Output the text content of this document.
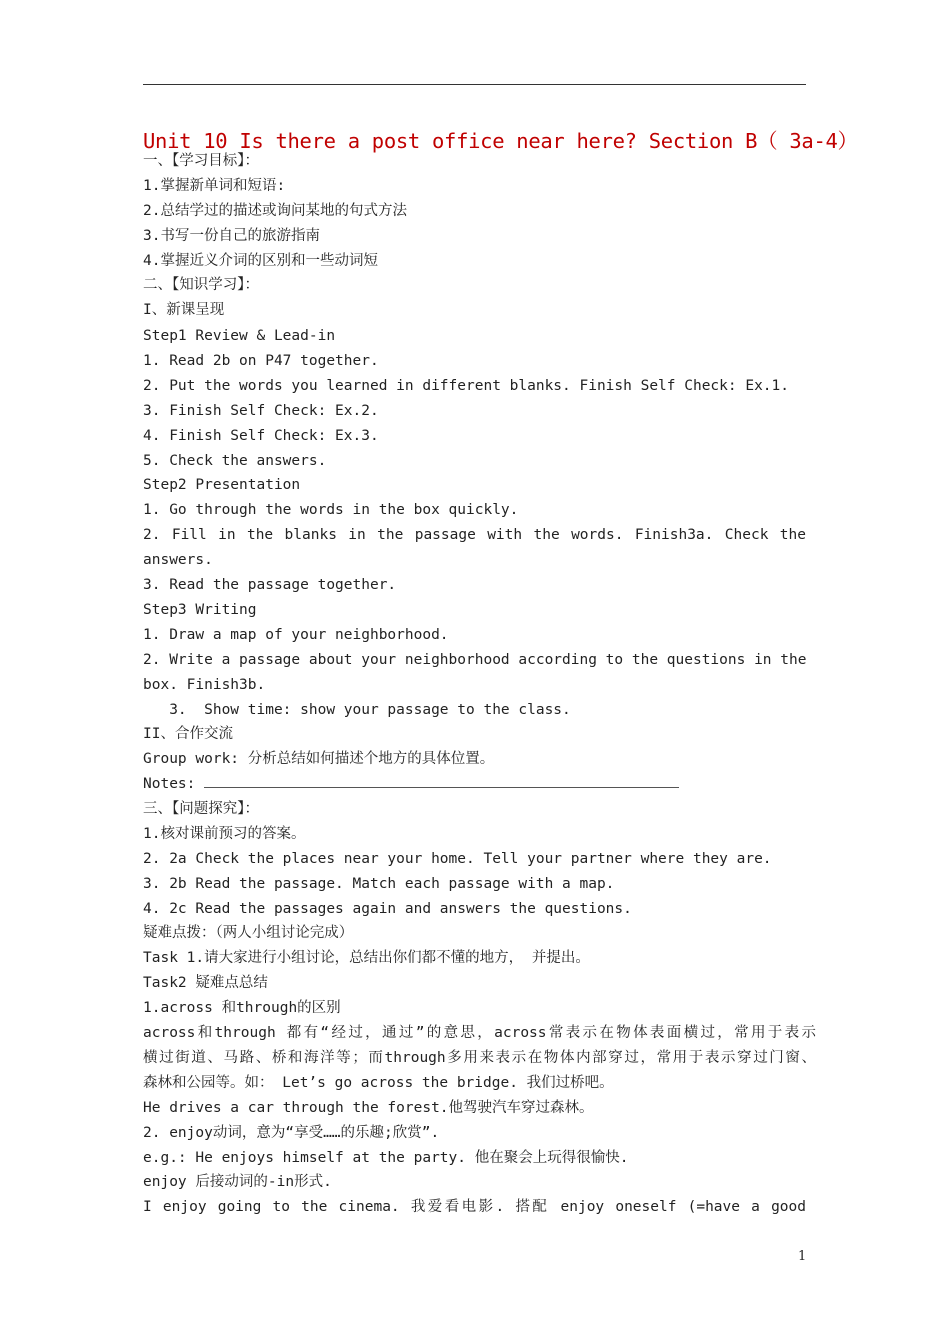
Unit 10 Is there a post office near here? Section B（ 3a-4）
一、【学习目标】：
1.掌握新单词和短语:
2.总结学过的描述或询问某地的句式方法
3.书写一份自己的旅游指南
4.掌握近义介词的区别和一些动词短
二、【知识学习】：
I、新课呈现
Step1 Review & Lead-in
1. Read 2b on P47 together.
2. Put the words you learned in different blanks. Finish Self Check: Ex.1.
3. Finish Self Check: Ex.2.
4. Finish Self Check: Ex.3.
5. Check the answers.
Step2 Presentation
1. Go through the words in the box quickly.
2. Fill in the blanks in the passage with the words. Finish3a. Check the
answers.
3. Read the passage together.
Step3 Writing
1. Draw a map of your neighborhood.
2. Write a passage about your neighborhood according to the questions in the
box. Finish3b.
3.  Show time: show your passage to the class.
II、合作交流
Group work: 分析总结如何描述个地方的具体位置。
Notes:
三、【问题探究】：
1.核对课前预习的答案。
2. 2a Check the places near your home. Tell your partner where they are.
3. 2b Read the passage. Match each passage with a map.
4. 2c Read the passages again and answers the questions.
疑难点拨：（两人小组讨论完成）
Task 1.请大家进行小组讨论，总结出你们都不懂的地方， 并提出。
Task2 疑难点总结
1.across 和through的区别
across和through 都有“经过，通过”的意思，across常表示在物体表面横过，常用于表示
横过街道、马路、桥和海洋等；而through多用来表示在物体内部穿过，常用于表示穿过门窗、
森林和公园等。如： Let’s go across the bridge. 我们过桥吧。
He drives a car through the forest.他驾驶汽车穿过森林。
2. enjoy动词，意为“享受……的乐趣;欣赏”.
e.g.: He enjoys himself at the party. 他在聚会上玩得很愉快.
enjoy 后接动词的-in形式.
I enjoy going to the cinema. 我爱看电影. 搭配 enjoy oneself (=have a good
1
